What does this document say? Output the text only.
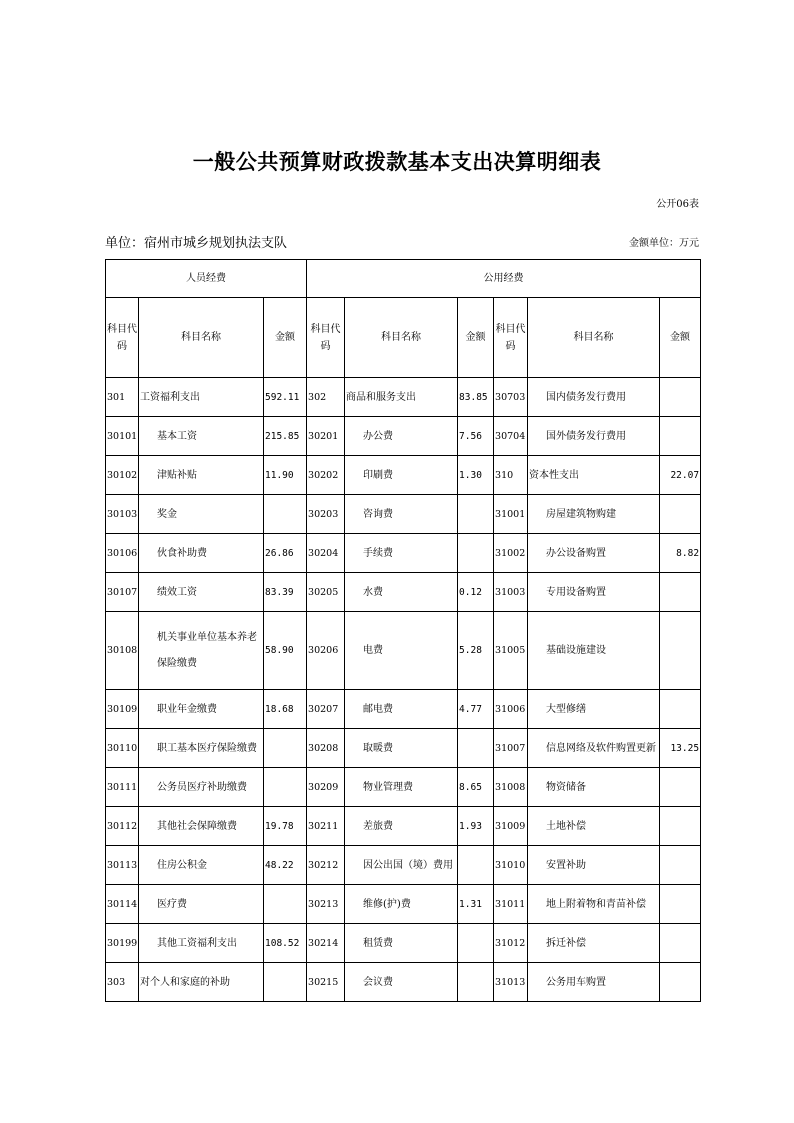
一般公共预算财政拨款基本支出决算明细表
公开06表
单位：宿州市城乡规划执法支队	金额单位：万元
人员经费			公用经费					
科目代码	科目名称	金额	科目代码	科目名称	金额	科目代码	科目名称	金额
301	工资福利支出	592.11	302	商品和服务支出	83.85	30703	国内债务发行费用	
30101	基本工资	215.85	30201	办公费	7.56	30704	国外债务发行费用	
30102	津贴补贴	11.90	30202	印刷费	1.30	310	资本性支出	22.07
30103	奖金		30203	咨询费		31001	房屋建筑物购建	
30106	伙食补助费	26.86	30204	手续费		31002	办公设备购置	8.82
30107	绩效工资	83.39	30205	水费	0.12	31003	专用设备购置	
30108	机关事业单位基本养老保险缴费	58.90	30206	电费	5.28	31005	基础设施建设	
30109	职业年金缴费	18.68	30207	邮电费	4.77	31006	大型修缮	
30110	职工基本医疗保险缴费		30208	取暖费		31007	信息网络及软件购置更新	13.25
30111	公务员医疗补助缴费		30209	物业管理费	8.65	31008	物资储备	
30112	其他社会保障缴费	19.78	30211	差旅费	1.93	31009	土地补偿	
30113	住房公积金	48.22	30212	因公出国（境）费用		31010	安置补助	
30114	医疗费		30213	维修(护)费	1.31	31011	地上附着物和青苗补偿	
30199	其他工资福利支出	108.52	30214	租赁费		31012	拆迁补偿	
303	对个人和家庭的补助		30215	会议费		31013	公务用车购置	
